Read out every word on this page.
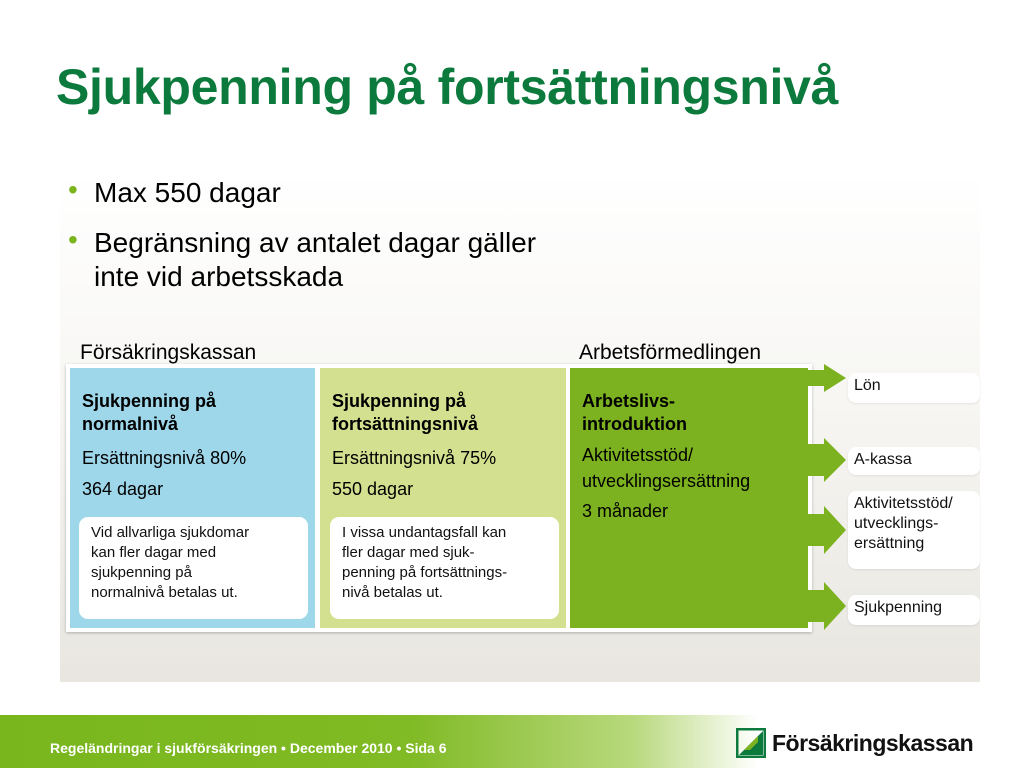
Sjukpenning på fortsättningsnivå
• Max 550 dagar
• Begränsning av antalet dagar gäller
inte vid arbetsskada
Försäkringskassan	Arbetsförmedlingen
Sjukpenning på
normalnivå
Ersättningsnivå 80%
364 dagar
Sjukpenning på
fortsättningsnivå
Ersättningsnivå 75%
550 dagar
Arbetslivs-
introduktion
Aktivitetsstöd/
utvecklingsersättning
3 månader
Vid allvarliga sjukdomar
kan fler dagar med
sjukpenning på
normalnivå betalas ut.
I vissa undantagsfall kan
fler dagar med sjuk-
penning på fortsättnings-
nivå betalas ut.
Lön
A-kassa
Aktivitetsstöd/
utvecklings-
ersättning
Sjukpenning
Regeländringar i sjukförsäkringen • December 2010 • Sida 6	Försäkringskassan
